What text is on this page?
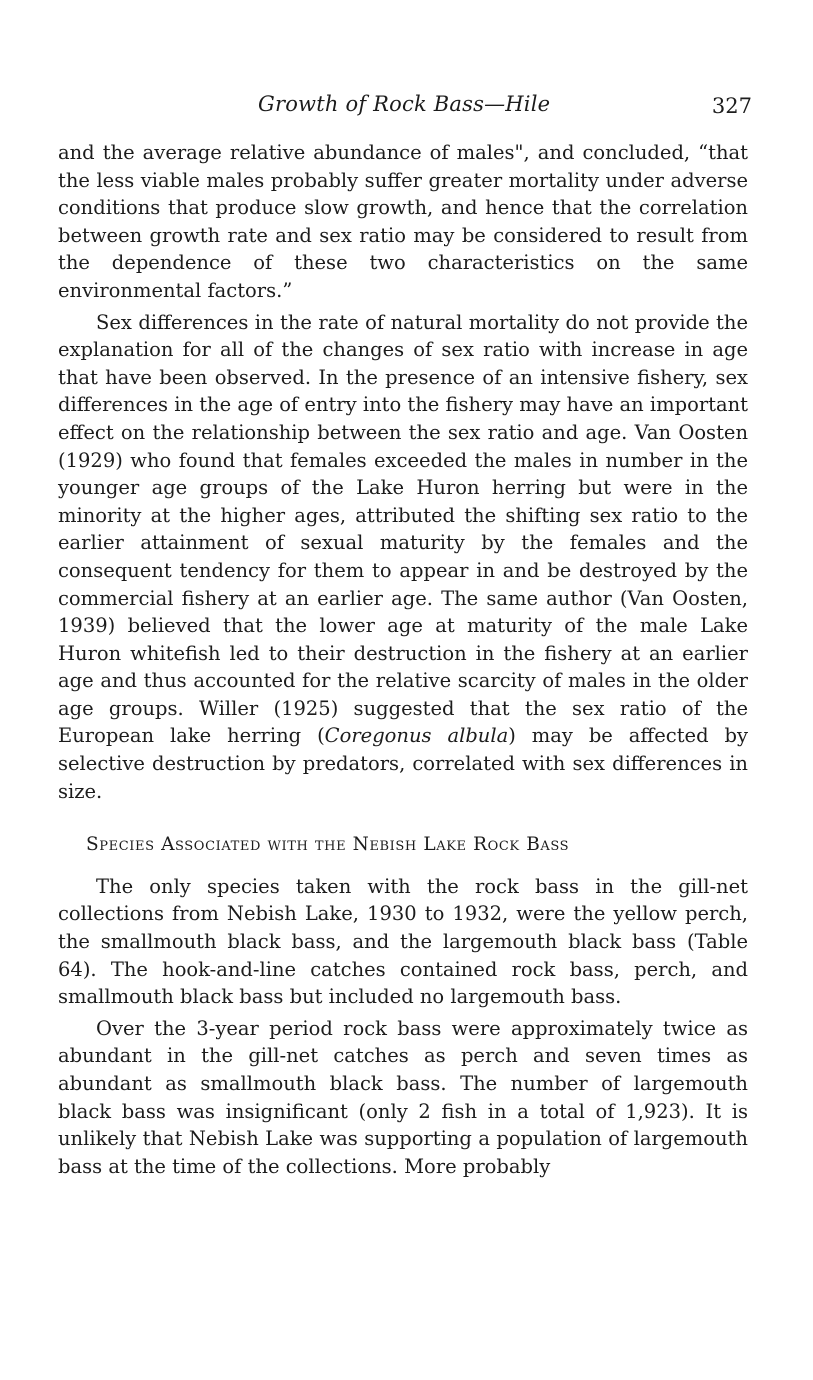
Growth of Rock Bass—Hile	327

and the average relative abundance of males", and concluded, “that the less viable males probably suffer greater mortality under adverse conditions that produce slow growth, and hence that the correlation between growth rate and sex ratio may be considered to result from the dependence of these two characteristics on the same environmental factors.”

Sex differences in the rate of natural mortality do not provide the explanation for all of the changes of sex ratio with increase in age that have been observed. In the presence of an intensive fishery, sex differences in the age of entry into the fishery may have an important effect on the relationship between the sex ratio and age. Van Oosten (1929) who found that females exceeded the males in number in the younger age groups of the Lake Huron herring but were in the minority at the higher ages, attributed the shifting sex ratio to the earlier attainment of sexual maturity by the females and the consequent tendency for them to appear in and be destroyed by the commercial fishery at an earlier age. The same author (Van Oosten, 1939) believed that the lower age at maturity of the male Lake Huron whitefish led to their destruction in the fishery at an earlier age and thus accounted for the relative scarcity of males in the older age groups. Willer (1925) suggested that the sex ratio of the European lake herring (Coregonus albula) may be affected by selective destruction by predators, correlated with sex differences in size.

Species Associated with the Nebish Lake Rock Bass

The only species taken with the rock bass in the gill-net collections from Nebish Lake, 1930 to 1932, were the yellow perch, the smallmouth black bass, and the largemouth black bass (Table 64). The hook-and-line catches contained rock bass, perch, and smallmouth black bass but included no largemouth bass.

Over the 3-year period rock bass were approximately twice as abundant in the gill-net catches as perch and seven times as abundant as smallmouth black bass. The number of largemouth black bass was insignificant (only 2 fish in a total of 1,923). It is unlikely that Nebish Lake was supporting a population of largemouth bass at the time of the collections. More probably
